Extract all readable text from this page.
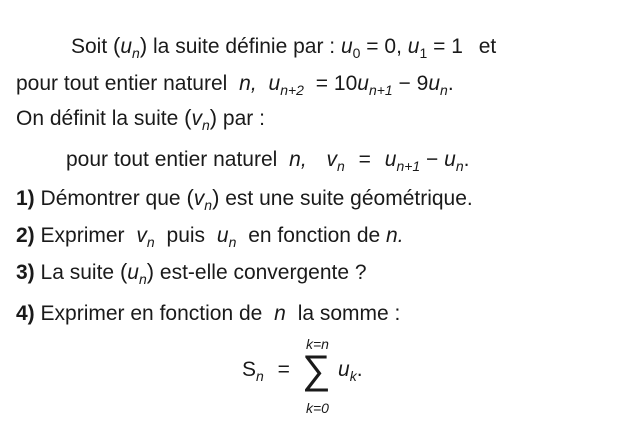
Soit $(u_n)$ la suite définie par : $u_0 = 0$, $u_1 = 1$ et
pour tout entier naturel n, $u_{n+2} = 10u_{n+1} - 9u_n$.
On définit la suite $(v_n)$ par :
pour tout entier naturel n, $v_n = u_{n+1} - u_n$.
1) Démontrer que $(v_n)$ est une suite géométrique.
2) Exprimer $v_n$ puis $u_n$ en fonction de n.
3) La suite $(u_n)$ est-elle convergente ?
4) Exprimer en fonction de n la somme :
$S_n$ =
k=n
∑
k=0
$u_k$.
